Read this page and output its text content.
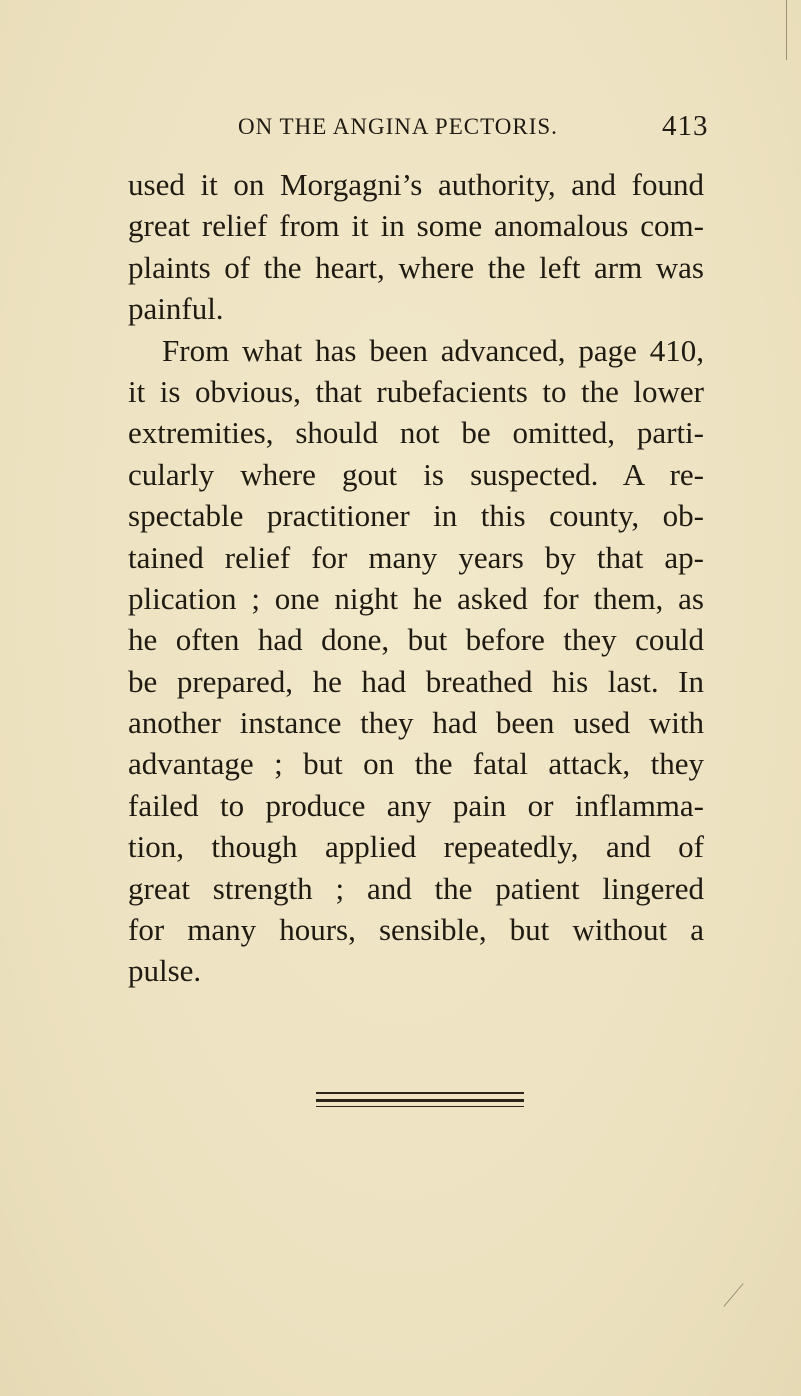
ON THE ANGINA PECTORIS.	413
used it on Morgagni’s authority, and found
great relief from it in some anomalous com-
plaints of the heart, where the left arm was
painful.
From what has been advanced, page 410,
it is obvious, that rubefacients to the lower
extremities, should not be omitted, parti-
cularly where gout is suspected. A re-
spectable practitioner in this county, ob-
tained relief for many years by that ap-
plication ; one night he asked for them, as
he often had done, but before they could
be prepared, he had breathed his last. In
another instance they had been used with
advantage ; but on the fatal attack, they
failed to produce any pain or inflamma-
tion, though applied repeatedly, and of
great strength ; and the patient lingered
for many hours, sensible, but without a
pulse.
